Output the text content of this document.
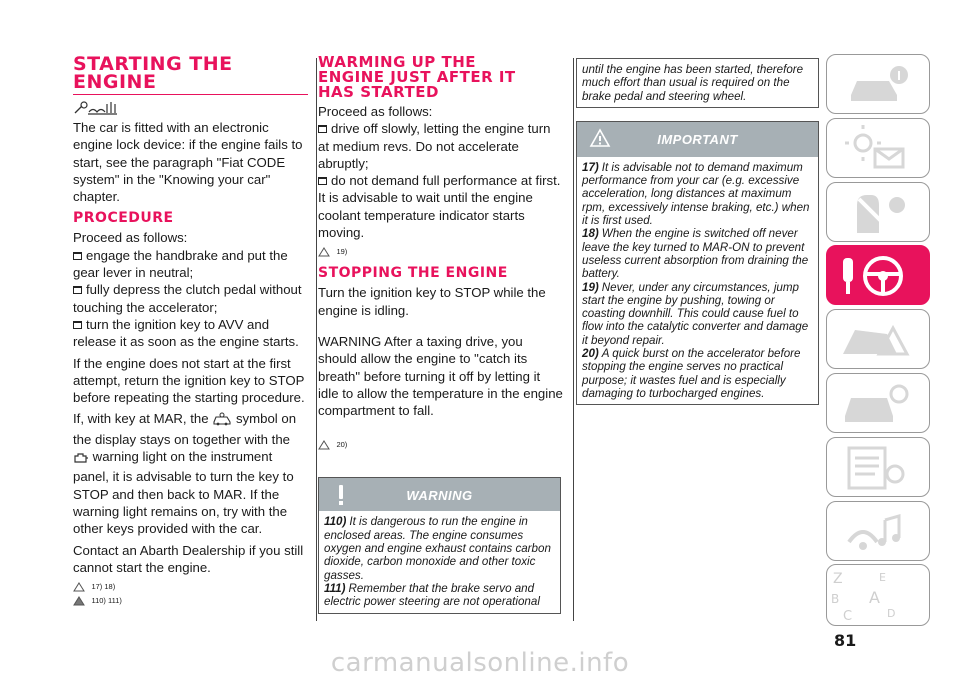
STARTING THE
ENGINE

The car is fitted with an electronic engine lock device: if the engine fails to start, see the paragraph "Fiat CODE system" in the "Knowing your car" chapter.

PROCEDURE

Proceed as follows:

engage the handbrake and put the gear lever in neutral;

fully depress the clutch pedal without touching the accelerator;

turn the ignition key to AVV and release it as soon as the engine starts.

If the engine does not start at the first attempt, return the ignition key to STOP before repeating the starting procedure.

If, with key at MAR, the symbol on the display stays on together with the  warning light on the instrument panel, it is advisable to turn the key to STOP and then back to MAR. If the warning light remains on, try with the other keys provided with the car.

Contact an Abarth Dealership if you still cannot start the engine.

17) 18)
110) 111)
WARMING UP THE
ENGINE JUST AFTER IT
HAS STARTED

Proceed as follows:

drive off slowly, letting the engine turn at medium revs. Do not accelerate abruptly;

do not demand full performance at first. It is advisable to wait until the engine coolant temperature indicator starts moving.

19)
STOPPING THE ENGINE

Turn the ignition key to STOP while the engine is idling.

WARNING After a taxing drive, you should allow the engine to "catch its breath" before turning it off by letting it idle to allow the temperature in the engine compartment to fall.

20)
WARNING
110) It is dangerous to run the engine in enclosed areas. The engine consumes oxygen and engine exhaust contains carbon dioxide, carbon monoxide and other toxic gasses.
111) Remember that the brake servo and electric power steering are not operational
until the engine has been started, therefore much effort than usual is required on the brake pedal and steering wheel.
IMPORTANT
17) It is advisable not to demand maximum performance from your car (e.g. excessive acceleration, long distances at maximum rpm, excessively intense braking, etc.) when it is first used.
18) When the engine is switched off never leave the key turned to MAR-ON to prevent useless current absorption from draining the battery.
19) Never, under any circumstances, jump start the engine by pushing, towing or coasting downhill. This could cause fuel to flow into the catalytic converter and damage it beyond repair.
20) A quick burst on the accelerator before stopping the engine serves no practical purpose; it wastes fuel and is especially damaging to turbocharged engines.
Z	E
B A
C	D
81
carmanualsonline.info
